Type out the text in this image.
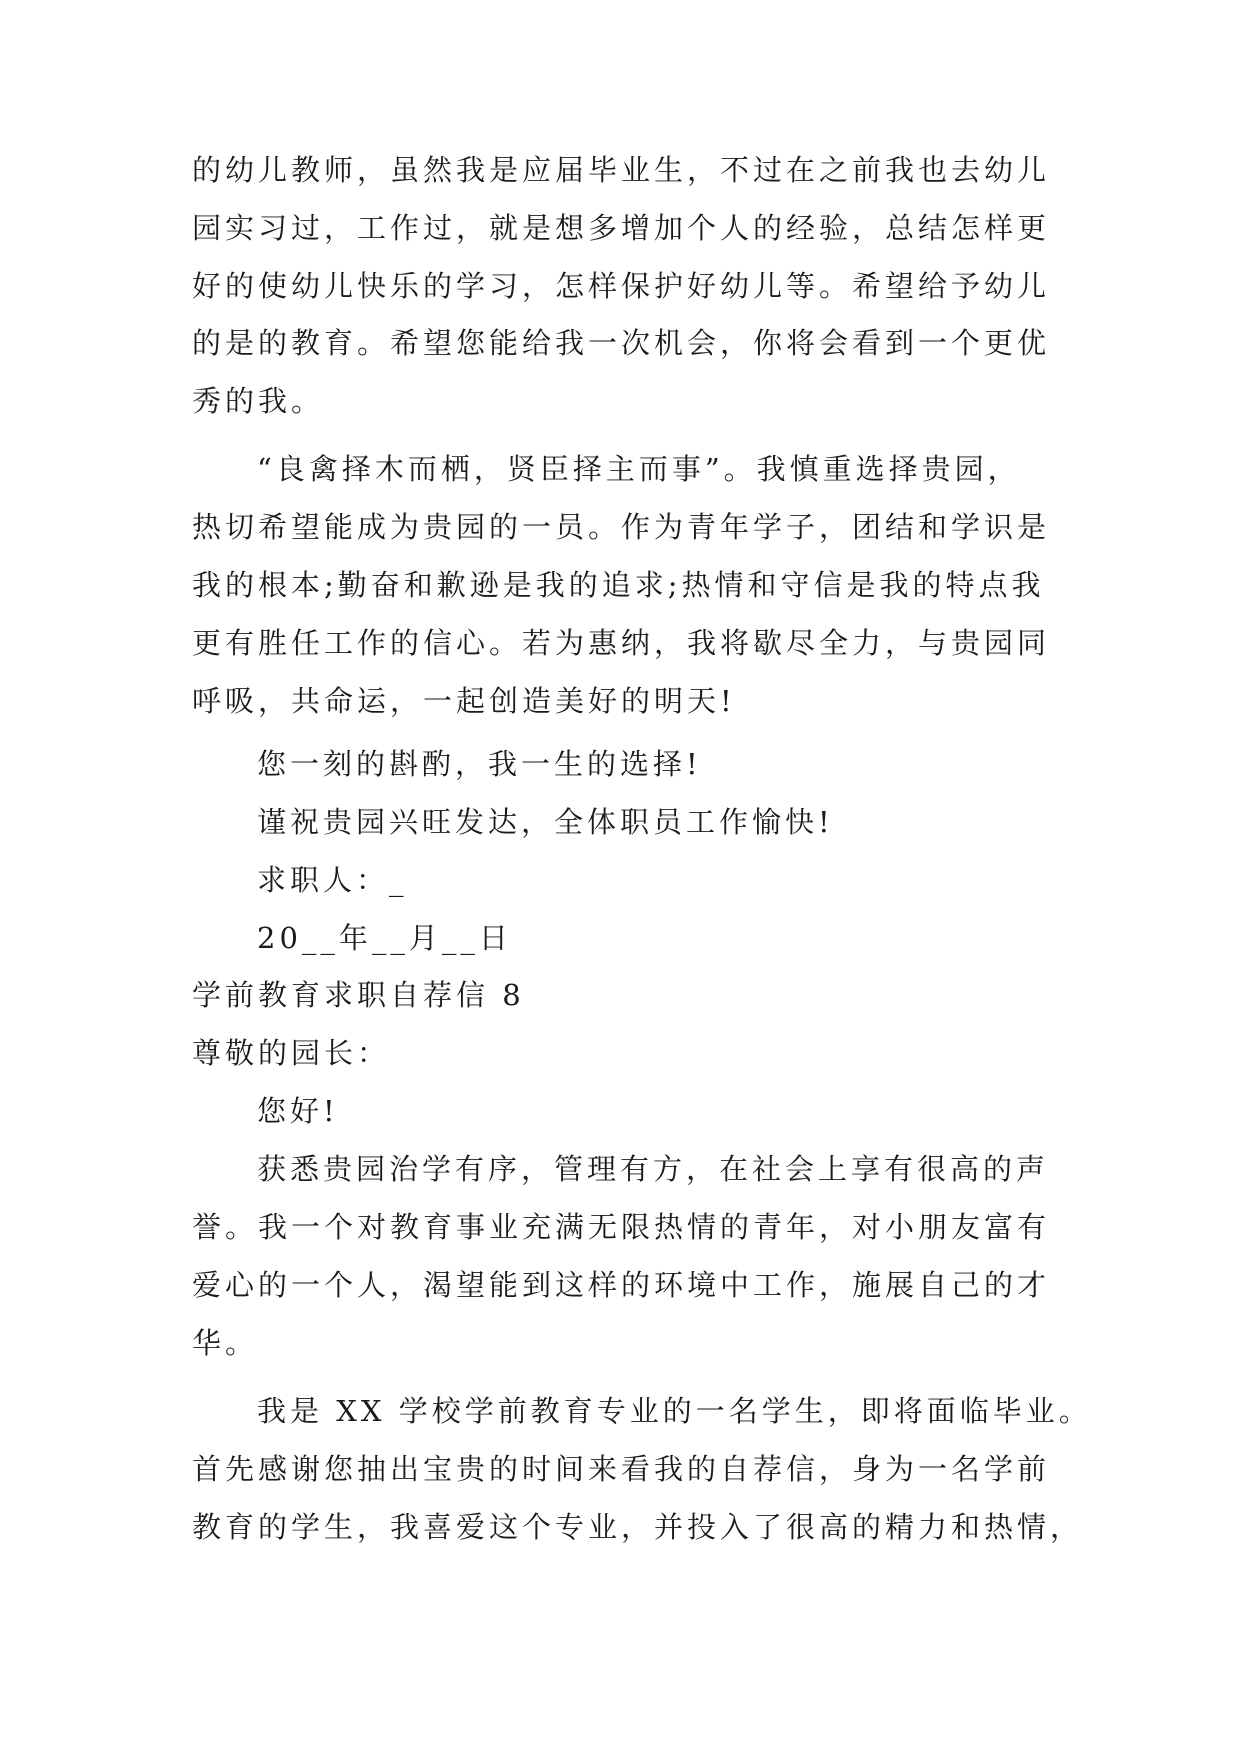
的幼儿教师，虽然我是应届毕业生，不过在之前我也去幼儿
园实习过，工作过，就是想多增加个人的经验，总结怎样更
好的使幼儿快乐的学习，怎样保护好幼儿等。希望给予幼儿
的是的教育。希望您能给我一次机会，你将会看到一个更优
秀的我。
“良禽择木而栖，贤臣择主而事”。我慎重选择贵园，
热切希望能成为贵园的一员。作为青年学子，团结和学识是
我的根本;勤奋和歉逊是我的追求;热情和守信是我的特点我
更有胜任工作的信心。若为惠纳，我将歇尽全力，与贵园同
呼吸，共命运，一起创造美好的明天!
您一刻的斟酌，我一生的选择!
谨祝贵园兴旺发达，全体职员工作愉快!
求职人：_
20__年__月__日
学前教育求职自荐信 8
尊敬的园长：
您好!
获悉贵园治学有序，管理有方，在社会上享有很高的声
誉。我一个对教育事业充满无限热情的青年，对小朋友富有
爱心的一个人，渴望能到这样的环境中工作，施展自己的才
华。
我是 XX 学校学前教育专业的一名学生，即将面临毕业。
首先感谢您抽出宝贵的时间来看我的自荐信，身为一名学前
教育的学生，我喜爱这个专业，并投入了很高的精力和热情，
